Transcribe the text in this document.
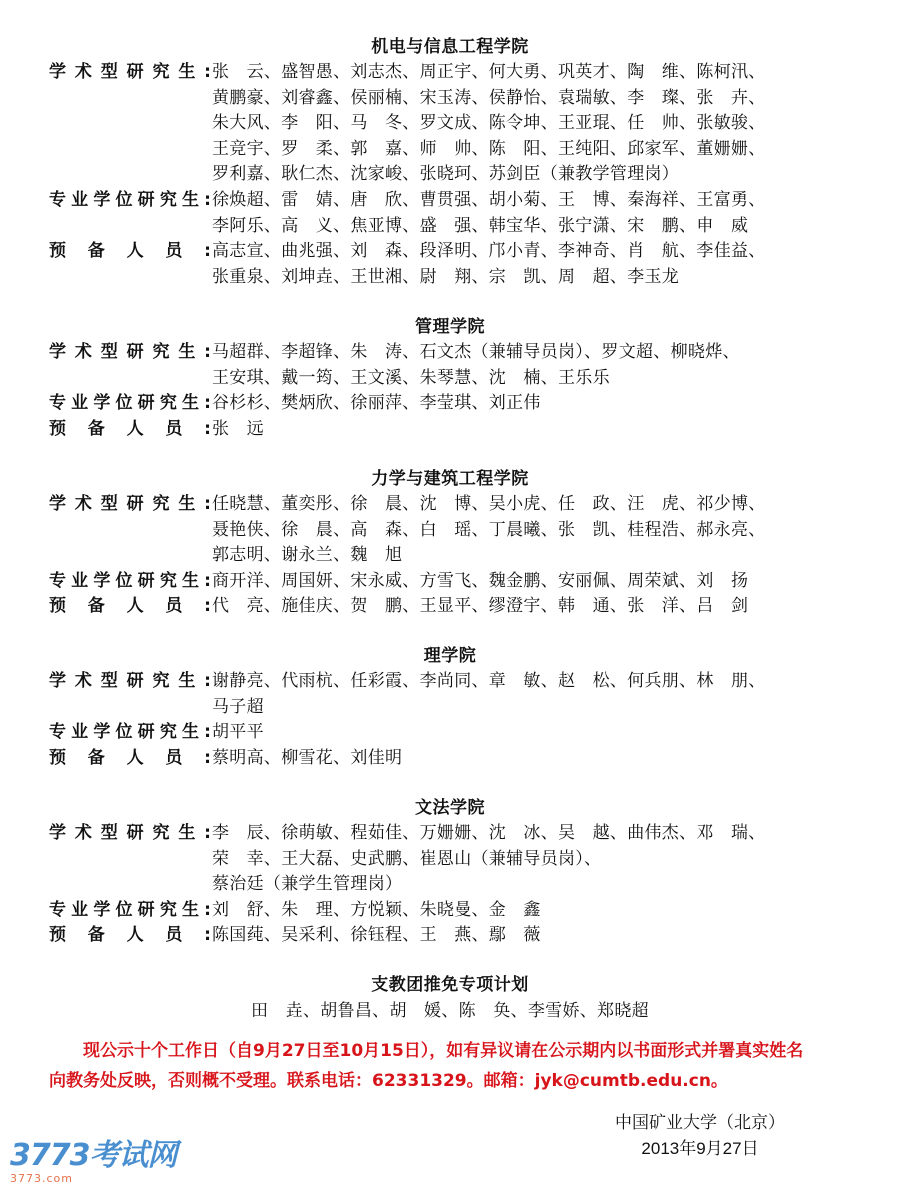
机电与信息工程学院
学术型研究生: 张　云、盛智愚、刘志杰、周正宇、何大勇、巩英才、陶　维、陈柯汛、
黄鹏豪、刘睿鑫、侯丽楠、宋玉涛、侯静怡、袁瑞敏、李　璨、张　卉、
朱大风、李　阳、马　冬、罗文成、陈令坤、王亚琨、任　帅、张敏骏、
王竞宇、罗　柔、郭　嘉、师　帅、陈　阳、王纯阳、邱家军、董姗姗、
罗利嘉、耿仁杰、沈家峻、张晓珂、苏剑臣（兼教学管理岗）
专业学位研究生: 徐焕超、雷　婧、唐　欣、曹贯强、胡小菊、王　博、秦海祥、王富勇、
李阿乐、高　义、焦亚博、盛　强、韩宝华、张宁潇、宋　鹏、申　威
预备人员: 高志宣、曲兆强、刘　森、段泽明、邝小青、李神奇、肖　航、李佳益、
张重泉、刘坤垚、王世湘、尉　翔、宗　凯、周　超、李玉龙
管理学院
学术型研究生: 马超群、李超锋、朱　涛、石文杰（兼辅导员岗）、罗文超、柳晓烨、
王安琪、戴一筠、王文溪、朱琴慧、沈　楠、王乐乐
专业学位研究生: 谷杉杉、樊炳欣、徐丽萍、李莹琪、刘正伟
预备人员: 张　远
力学与建筑工程学院
学术型研究生: 任晓慧、董奕彤、徐　晨、沈　博、吴小虎、任　政、汪　虎、祁少博、
聂艳侠、徐　晨、高　森、白　瑶、丁晨曦、张　凯、桂程浩、郝永亮、
郭志明、谢永兰、魏　旭
专业学位研究生: 商开洋、周国妍、宋永威、方雪飞、魏金鹏、安丽佩、周荣斌、刘　扬
预备人员: 代　亮、施佳庆、贺　鹏、王显平、缪澄宇、韩　通、张　洋、吕　剑
理学院
学术型研究生: 谢静亮、代雨杭、任彩霞、李尚同、章　敏、赵　松、何兵朋、林　朋、
马子超
专业学位研究生: 胡平平
预备人员: 蔡明高、柳雪花、刘佳明
文法学院
学术型研究生: 李　辰、徐萌敏、程茹佳、万姗姗、沈　冰、吴　越、曲伟杰、邓　瑞、
荣　幸、王大磊、史武鹏、崔恩山（兼辅导员岗）、
蔡治廷（兼学生管理岗）
专业学位研究生: 刘　舒、朱　理、方悦颖、朱晓曼、金　鑫
预备人员: 陈国莼、吴采利、徐钰程、王　燕、鄢　薇
支教团推免专项计划
田　垚、胡鲁昌、胡　媛、陈　奂、李雪娇、郑晓超
现公示十个工作日（自9月27日至10月15日），如有异议请在公示期内以书面形式并署真实姓名
向教务处反映，否则概不受理。联系电话：62331329。邮箱：jyk@cumtb.edu.cn。
中国矿业大学（北京）
2013年9月27日
3773考试网
3773.com
